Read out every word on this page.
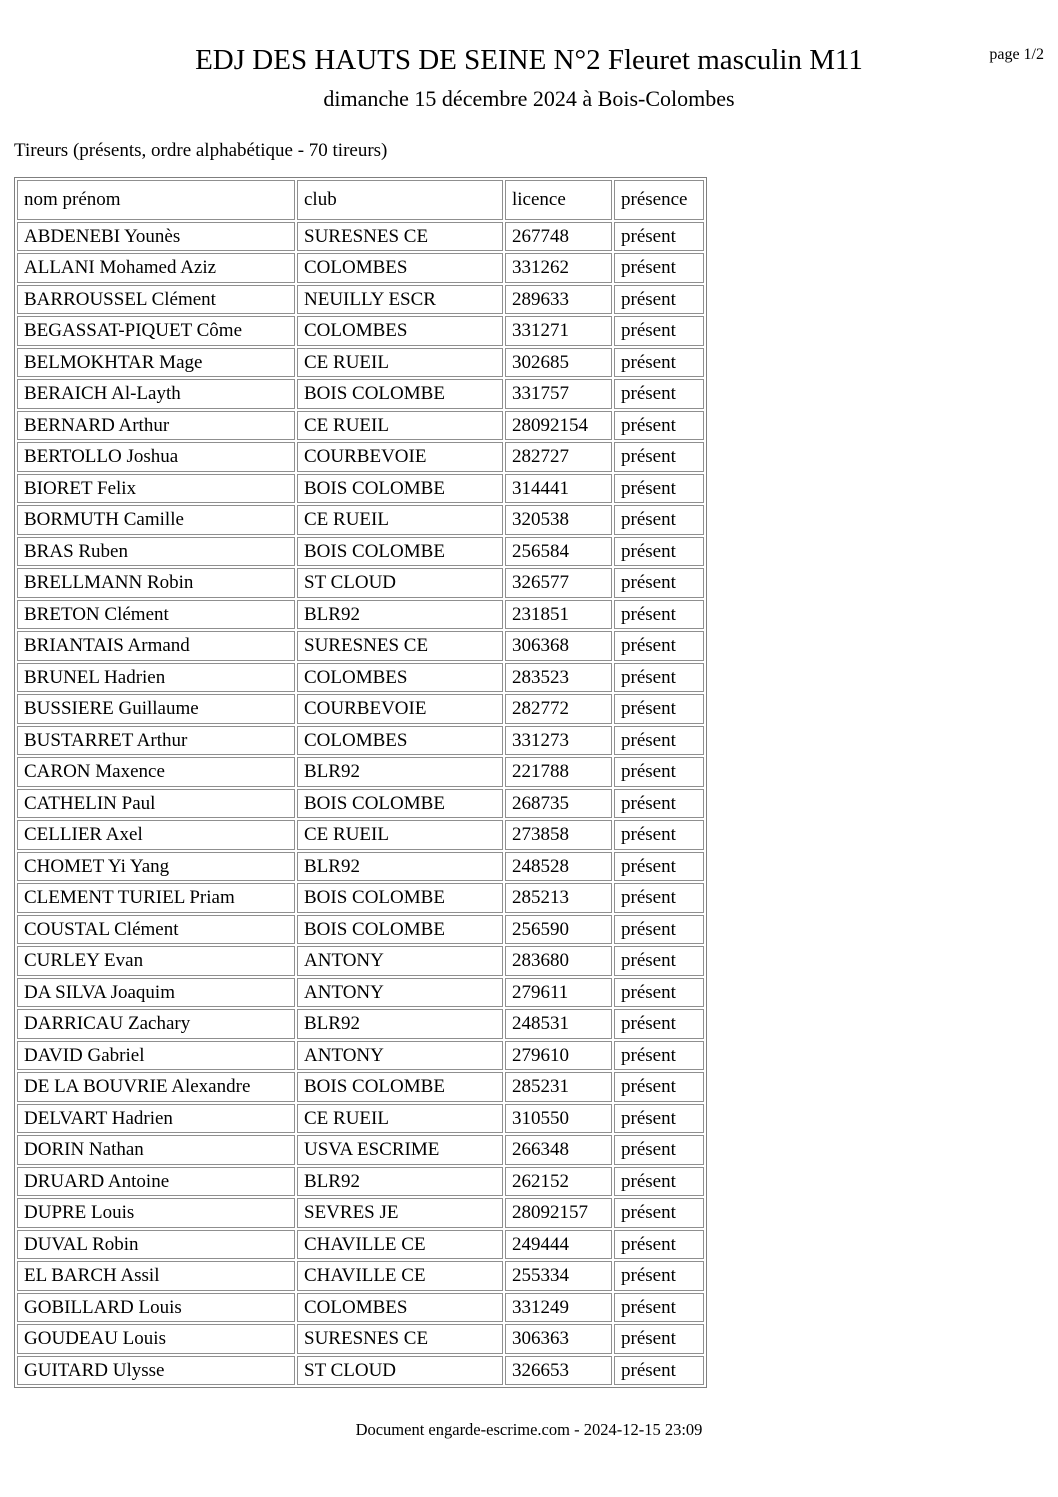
page 1/2
EDJ DES HAUTS DE SEINE N°2 Fleuret masculin M11
dimanche 15 décembre 2024 à Bois-Colombes
Tireurs (présents, ordre alphabétique - 70 tireurs)
nom prénom	club	licence	présence
ABDENEBI Younès	SURESNES CE	267748	présent
ALLANI Mohamed Aziz	COLOMBES	331262	présent
BARROUSSEL Clément	NEUILLY ESCR	289633	présent
BEGASSAT-PIQUET Côme	COLOMBES	331271	présent
BELMOKHTAR Mage	CE RUEIL	302685	présent
BERAICH Al-Layth	BOIS COLOMBE	331757	présent
BERNARD Arthur	CE RUEIL	28092154	présent
BERTOLLO Joshua	COURBEVOIE	282727	présent
BIORET Felix	BOIS COLOMBE	314441	présent
BORMUTH Camille	CE RUEIL	320538	présent
BRAS Ruben	BOIS COLOMBE	256584	présent
BRELLMANN Robin	ST CLOUD	326577	présent
BRETON Clément	BLR92	231851	présent
BRIANTAIS Armand	SURESNES CE	306368	présent
BRUNEL Hadrien	COLOMBES	283523	présent
BUSSIERE Guillaume	COURBEVOIE	282772	présent
BUSTARRET Arthur	COLOMBES	331273	présent
CARON Maxence	BLR92	221788	présent
CATHELIN Paul	BOIS COLOMBE	268735	présent
CELLIER Axel	CE RUEIL	273858	présent
CHOMET Yi Yang	BLR92	248528	présent
CLEMENT TURIEL Priam	BOIS COLOMBE	285213	présent
COUSTAL Clément	BOIS COLOMBE	256590	présent
CURLEY Evan	ANTONY	283680	présent
DA SILVA Joaquim	ANTONY	279611	présent
DARRICAU Zachary	BLR92	248531	présent
DAVID Gabriel	ANTONY	279610	présent
DE LA BOUVRIE Alexandre	BOIS COLOMBE	285231	présent
DELVART Hadrien	CE RUEIL	310550	présent
DORIN Nathan	USVA ESCRIME	266348	présent
DRUARD Antoine	BLR92	262152	présent
DUPRE Louis	SEVRES JE	28092157	présent
DUVAL Robin	CHAVILLE CE	249444	présent
EL BARCH Assil	CHAVILLE CE	255334	présent
GOBILLARD Louis	COLOMBES	331249	présent
GOUDEAU Louis	SURESNES CE	306363	présent
GUITARD Ulysse	ST CLOUD	326653	présent
Document engarde-escrime.com - 2024-12-15 23:09
